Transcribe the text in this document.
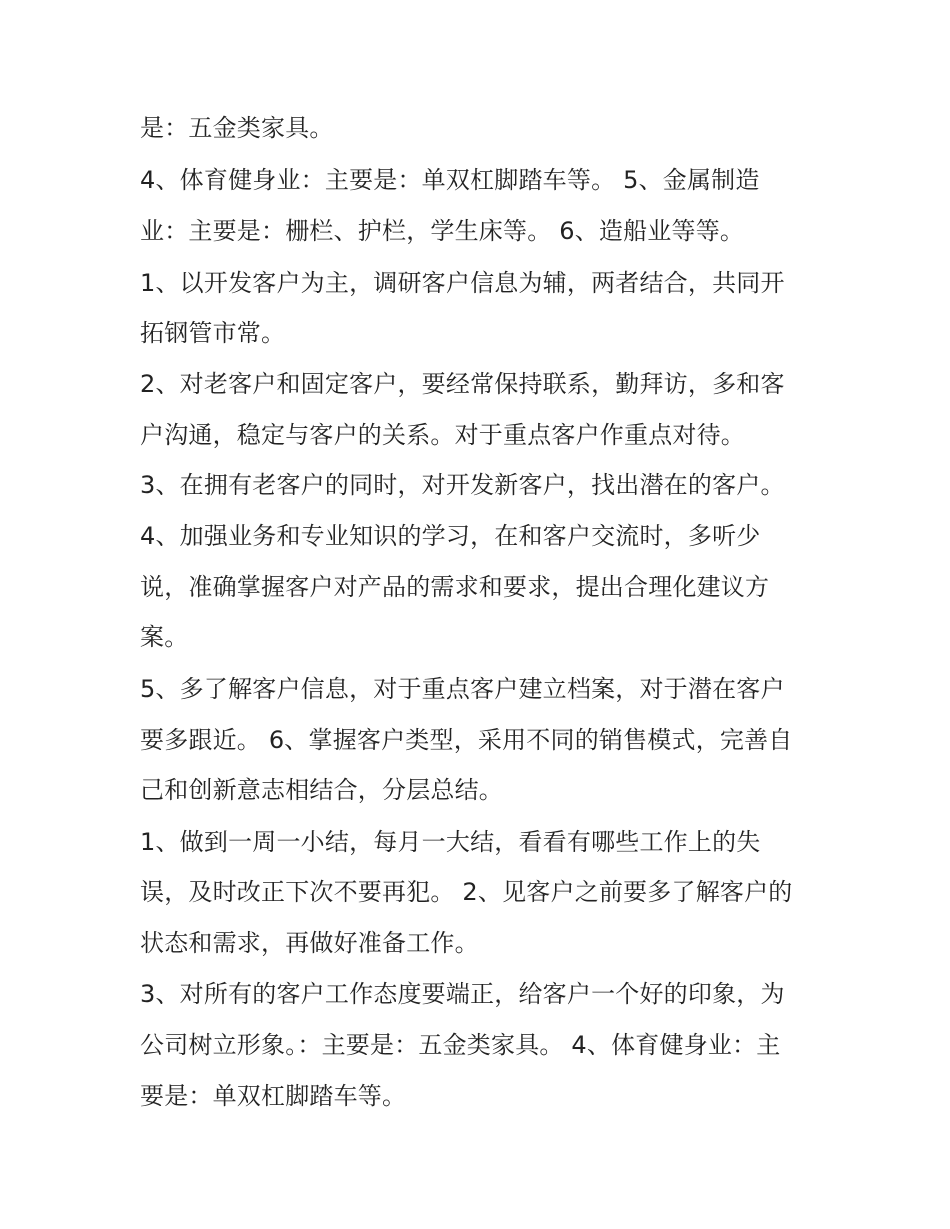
是：五金类家具。
4、体育健身业：主要是：单双杠脚踏车等。 5、金属制造
业：主要是：栅栏、护栏，学生床等。 6、造船业等等。
1、以开发客户为主，调研客户信息为辅，两者结合，共同开
拓钢管市常。
2、对老客户和固定客户，要经常保持联系，勤拜访，多和客
户沟通，稳定与客户的关系。对于重点客户作重点对待。
3、在拥有老客户的同时，对开发新客户，找出潜在的客户。
4、加强业务和专业知识的学习，在和客户交流时，多听少
说，准确掌握客户对产品的需求和要求，提出合理化建议方
案。
5、多了解客户信息，对于重点客户建立档案，对于潜在客户
要多跟近。 6、掌握客户类型，采用不同的销售模式，完善自
己和创新意志相结合，分层总结。
1、做到一周一小结，每月一大结，看看有哪些工作上的失
误，及时改正下次不要再犯。 2、见客户之前要多了解客户的
状态和需求，再做好准备工作。
3、对所有的客户工作态度要端正，给客户一个好的印象，为
公司树立形象。：主要是：五金类家具。 4、体育健身业：主
要是：单双杠脚踏车等。
